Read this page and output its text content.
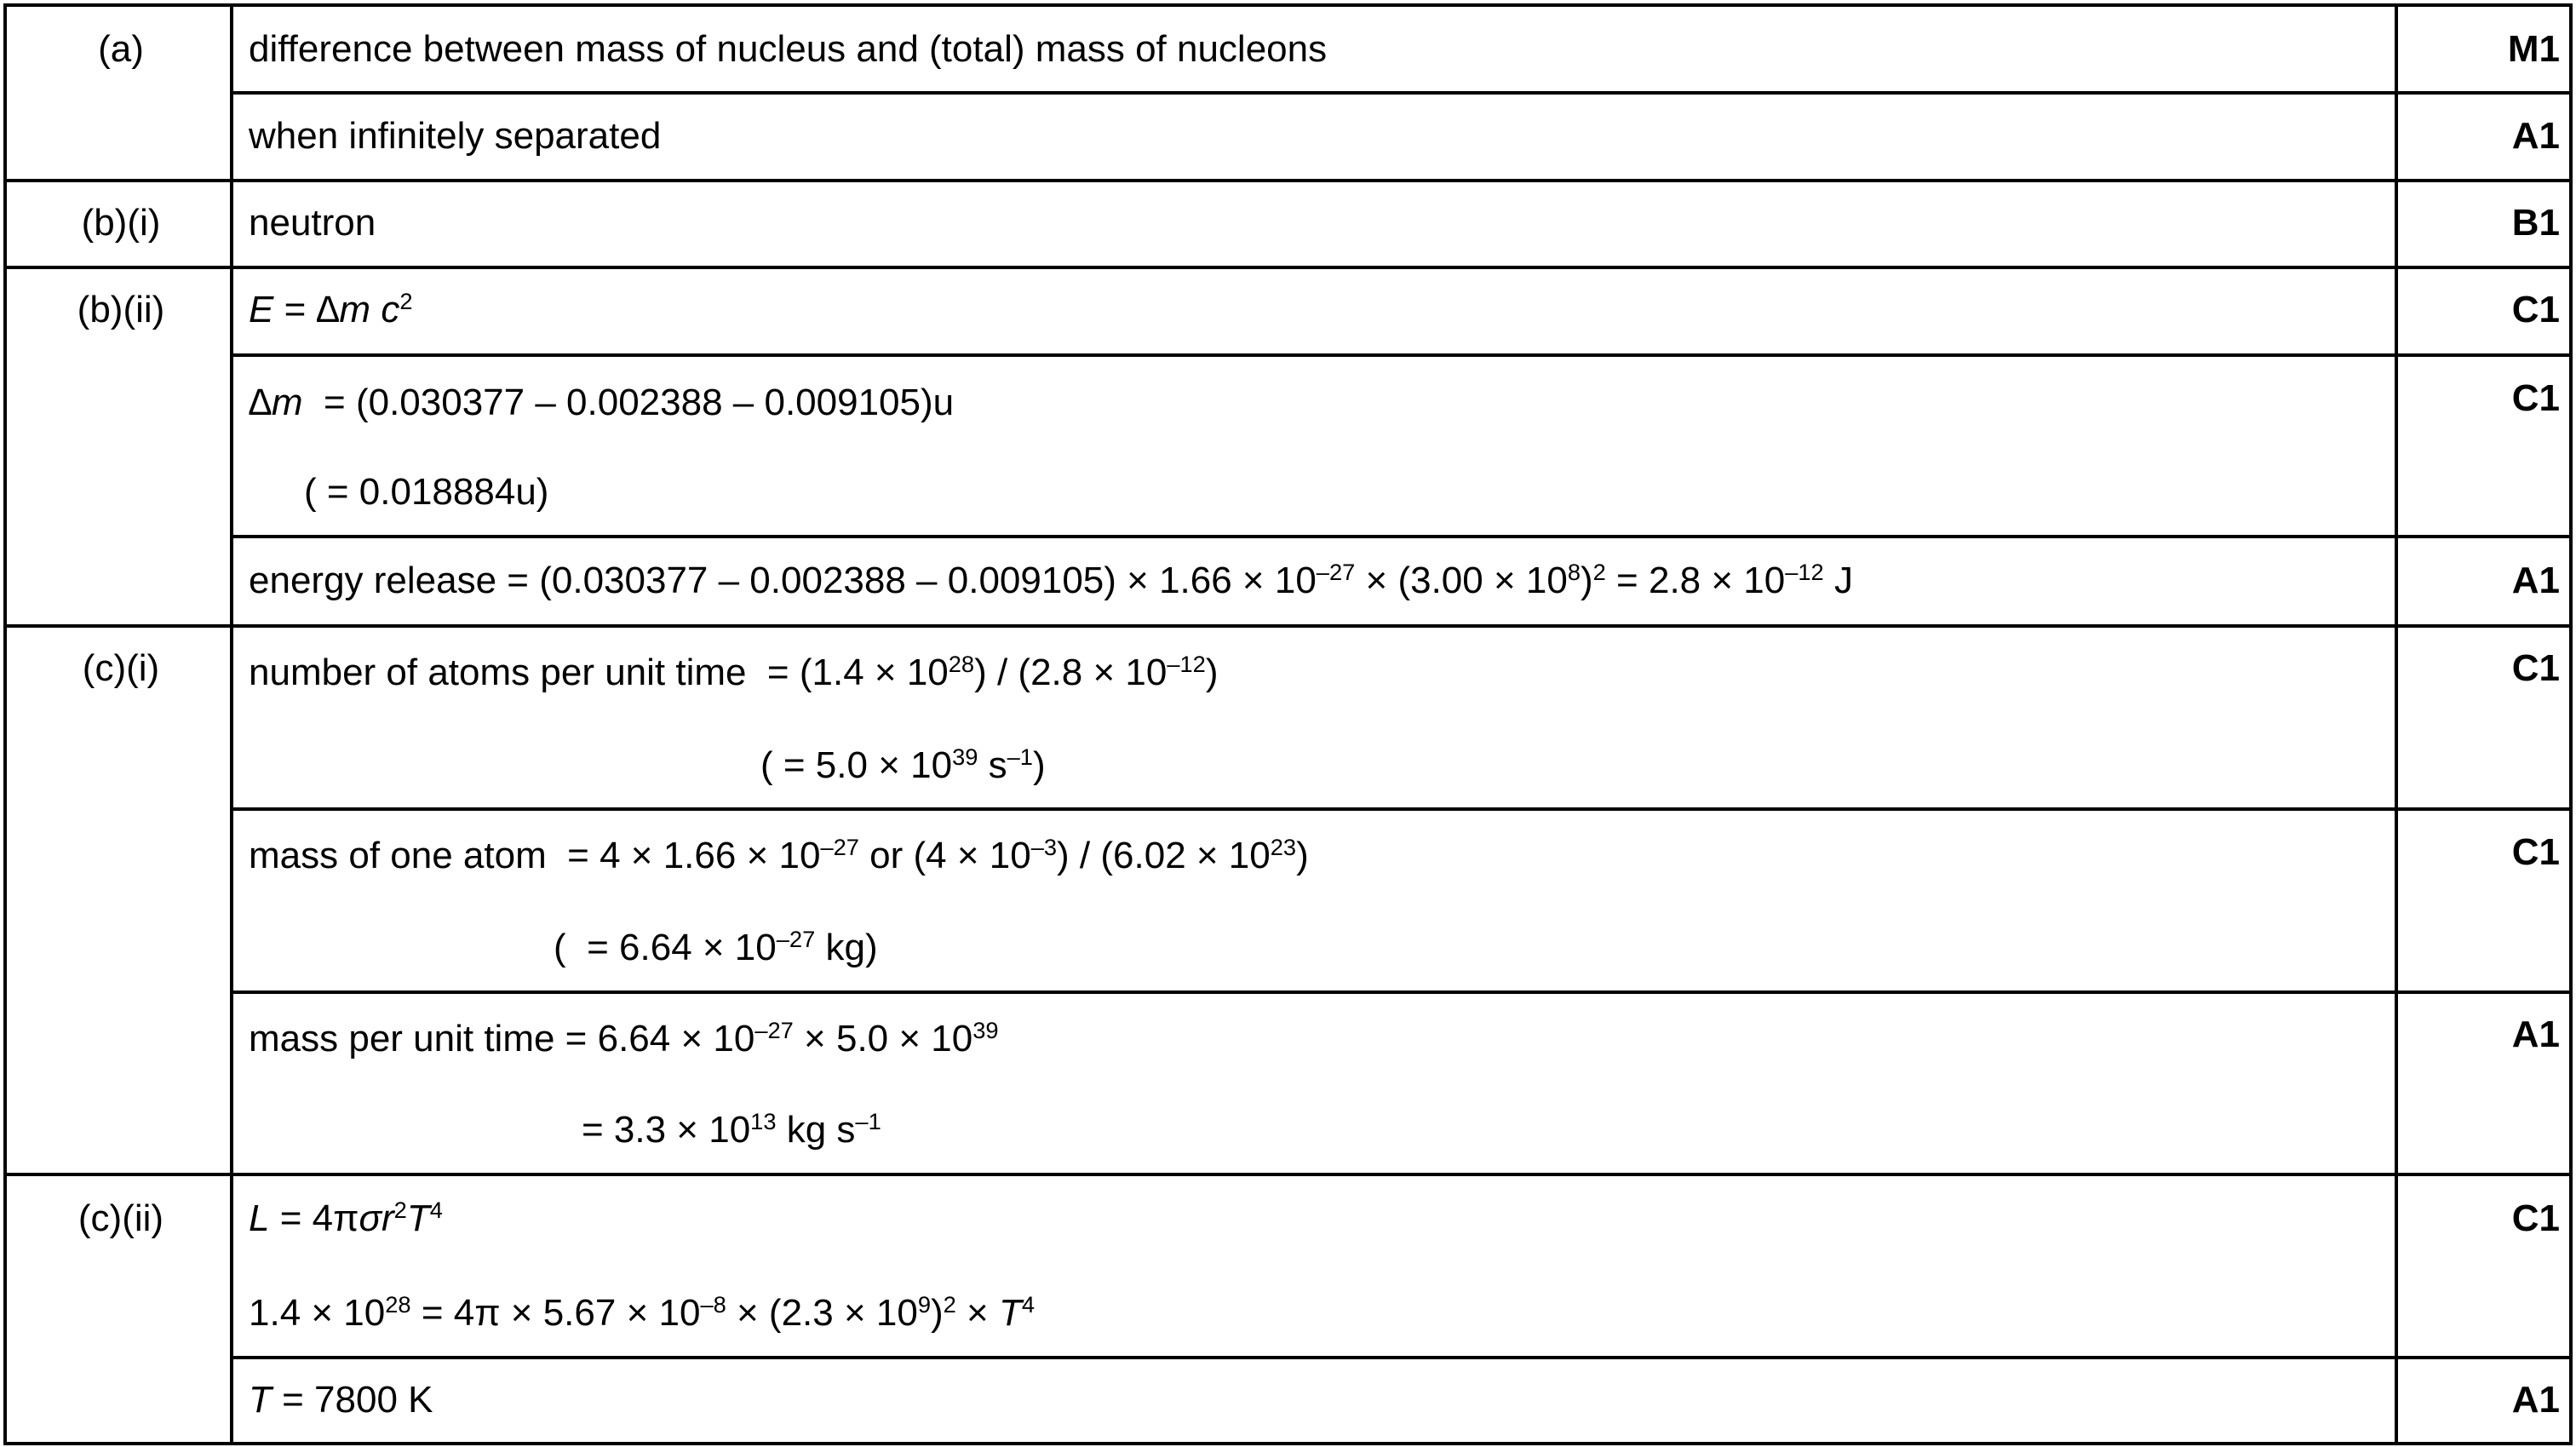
(a)
(b)(i)
(b)(ii)
(c)(i)
(c)(ii)
difference between mass of nucleus and (total) mass of nucleons
when infinitely separated
neutron
E = ∆m $c^2$
∆m  = (0.030377 – 0.002388 – 0.009105)u
( = 0.018884u)
energy release = $(0.030377 - 0.002388 - 0.009105) \times 1.66 \times 10^{-27} \times (3.00 \times 10^8)^2 = 2.8 \times 10^{-12}$ J
number of atoms per unit time  = $(1.4 \times 10^{28}) / (2.8 \times 10^{-12})$
( = $5.0 \times 10^{39}$ $s^{-1}$)
mass of one atom  = $4 \times 1.66 \times 10^{-27}$ or $(4 \times 10^{-3}) / (6.02 \times 10^{23})$
(  = $6.64 \times 10^{-27}$ kg)
mass per unit time = $6.64 \times 10^{-27} \times 5.0 \times 10^{39}$
= $3.3 \times 10^{13}$ kg $s^{-1}$
$L = 4\pi\sigma r^2T^4$
$1.4 \times 10^{28} = 4\pi \times 5.67 \times 10^{-8} \times (2.3 \times 10^9)^2 \times T^4$
T = 7800 K
M1
A1
B1
C1
C1
A1
C1
C1
A1
C1
A1
